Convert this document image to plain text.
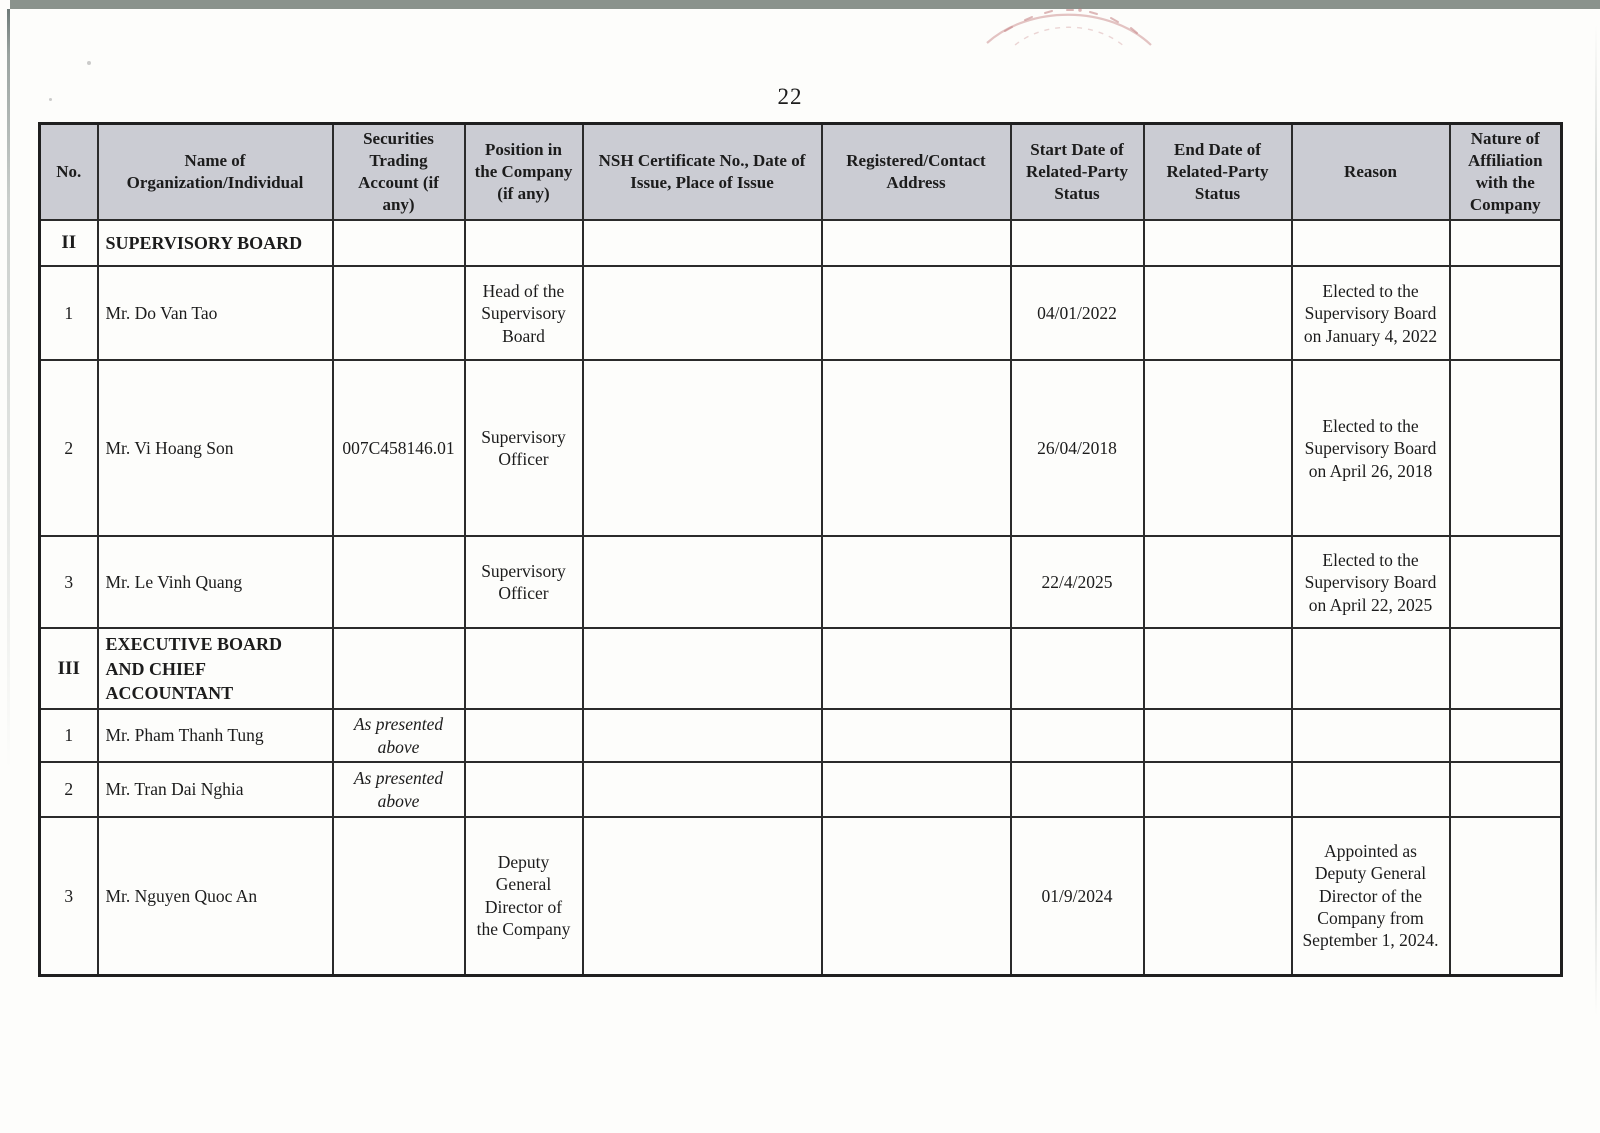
22
No.	Name of Organization/Individual	Securities Trading Account (if any)	Position in the Company (if any)	NSH Certificate No., Date of Issue, Place of Issue	Registered/Contact Address	Start Date of Related-Party Status	End Date of Related-Party Status	Reason	Nature of Affiliation with the Company
II	SUPERVISORY BOARD								
1	Mr. Do Van Tao		Head of the Supervisory Board			04/01/2022		Elected to the Supervisory Board on January 4, 2022	
2	Mr. Vi Hoang Son	007C458146.01	Supervisory Officer			26/04/2018		Elected to the Supervisory Board on April 26, 2018	
3	Mr. Le Vinh Quang		Supervisory Officer			22/4/2025		Elected to the Supervisory Board on April 22, 2025	
III	EXECUTIVE BOARD AND CHIEF ACCOUNTANT								
1	Mr. Pham Thanh Tung	As presented above							
2	Mr. Tran Dai Nghia	As presented above							
3	Mr. Nguyen Quoc An		Deputy General Director of the Company			01/9/2024		Appointed as Deputy General Director of the Company from September 1, 2024.	
